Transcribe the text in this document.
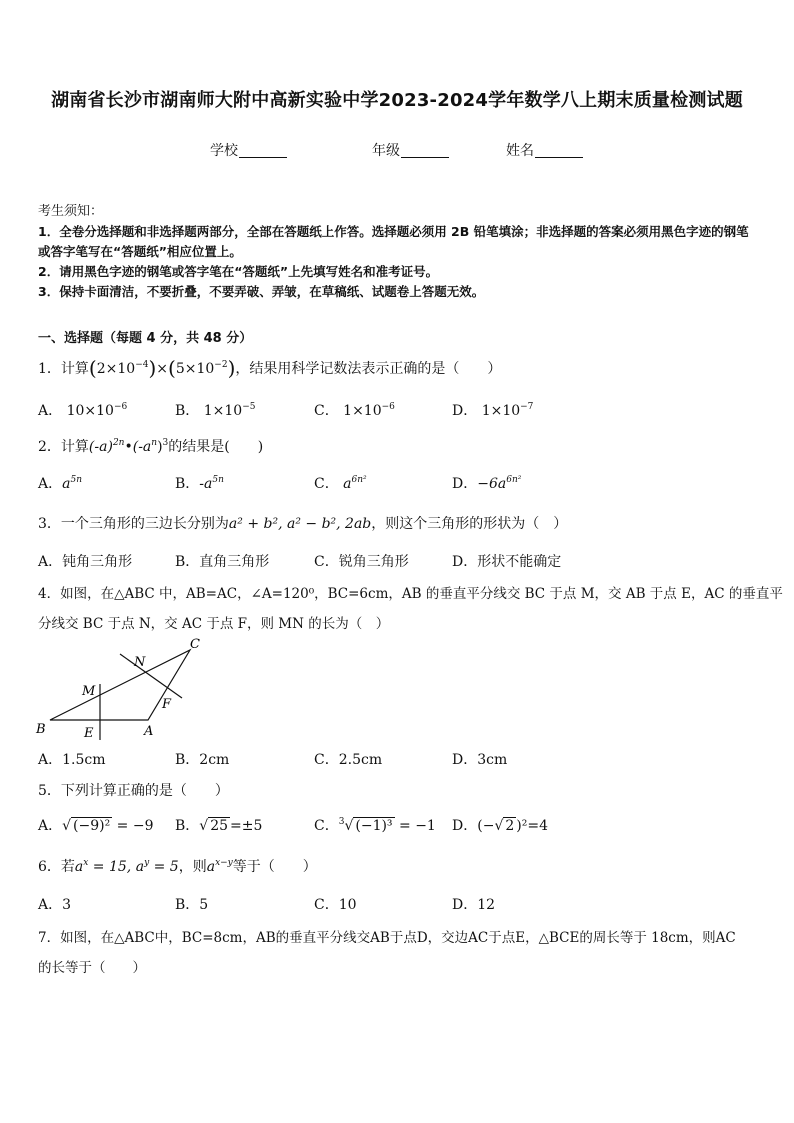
湖南省长沙市湖南师大附中高新实验中学2023-2024学年数学八上期末质量检测试题
学校	年级	姓名
考生须知：
1．全卷分选择题和非选择题两部分，全部在答题纸上作答。选择题必须用 2B 铅笔填涂；非选择题的答案必须用黑色字迹的钢笔或答字笔写在“答题纸”相应位置上。
2．请用黑色字迹的钢笔或答字笔在“答题纸”上先填写姓名和准考证号。
3．保持卡面清洁，不要折叠，不要弄破、弄皱，在草稿纸、试题卷上答题无效。
一、选择题（每题 4 分，共 48 分）
1．计算$(2\times 10^{-4})\times(5\times 10^{-2})$，结果用科学记数法表示正确的是（　　）
A． $10\times 10^{-6}$	B． $1\times 10^{-5}$	C． $1\times 10^{-6}$	D． $1\times 10^{-7}$
2．计算$(-a)^{2n}•(-a^n)^3$的结果是(　　)
A．$a^{5n}$	B．$-a^{5n}$	C． $a^{6n^2}$	D．$-6a^{6n^2}$
3．一个三角形的三边长分别为a² + b², a² − b², 2ab，则这个三角形的形状为（　）
A．钝角三角形	B．直角三角形	C．锐角三角形	D．形状不能确定
4．如图，在△ABC 中，AB=AC，∠A=120⁰，BC=6cm，AB 的垂直平分线交 BC 于点 M，交 AB 于点 E，AC 的垂直平
分线交 BC 于点 N，交 AC 于点 F，则 MN 的长为（　）
B	E	A
M
N
C
F
A．1.5cm	B．2cm	C．2.5cm	D．3cm
5．下列计算正确的是（　　）
A．√ (−9)² = −9 B．√ 25 =±5	C．$^3$√ (−1)³ = −1 D．(−√ 2 )²=4
6．若$a^x = 15$, $a^y = 5$，则$a^{x-y}$等于（　　）
A．3	B．5	C．10	D．12
7．如图，在△ABC中，BC=8cm，AB的垂直平分线交AB于点D，交边AC于点E，△BCE的周长等于 18cm，则AC
的长等于（　　）
